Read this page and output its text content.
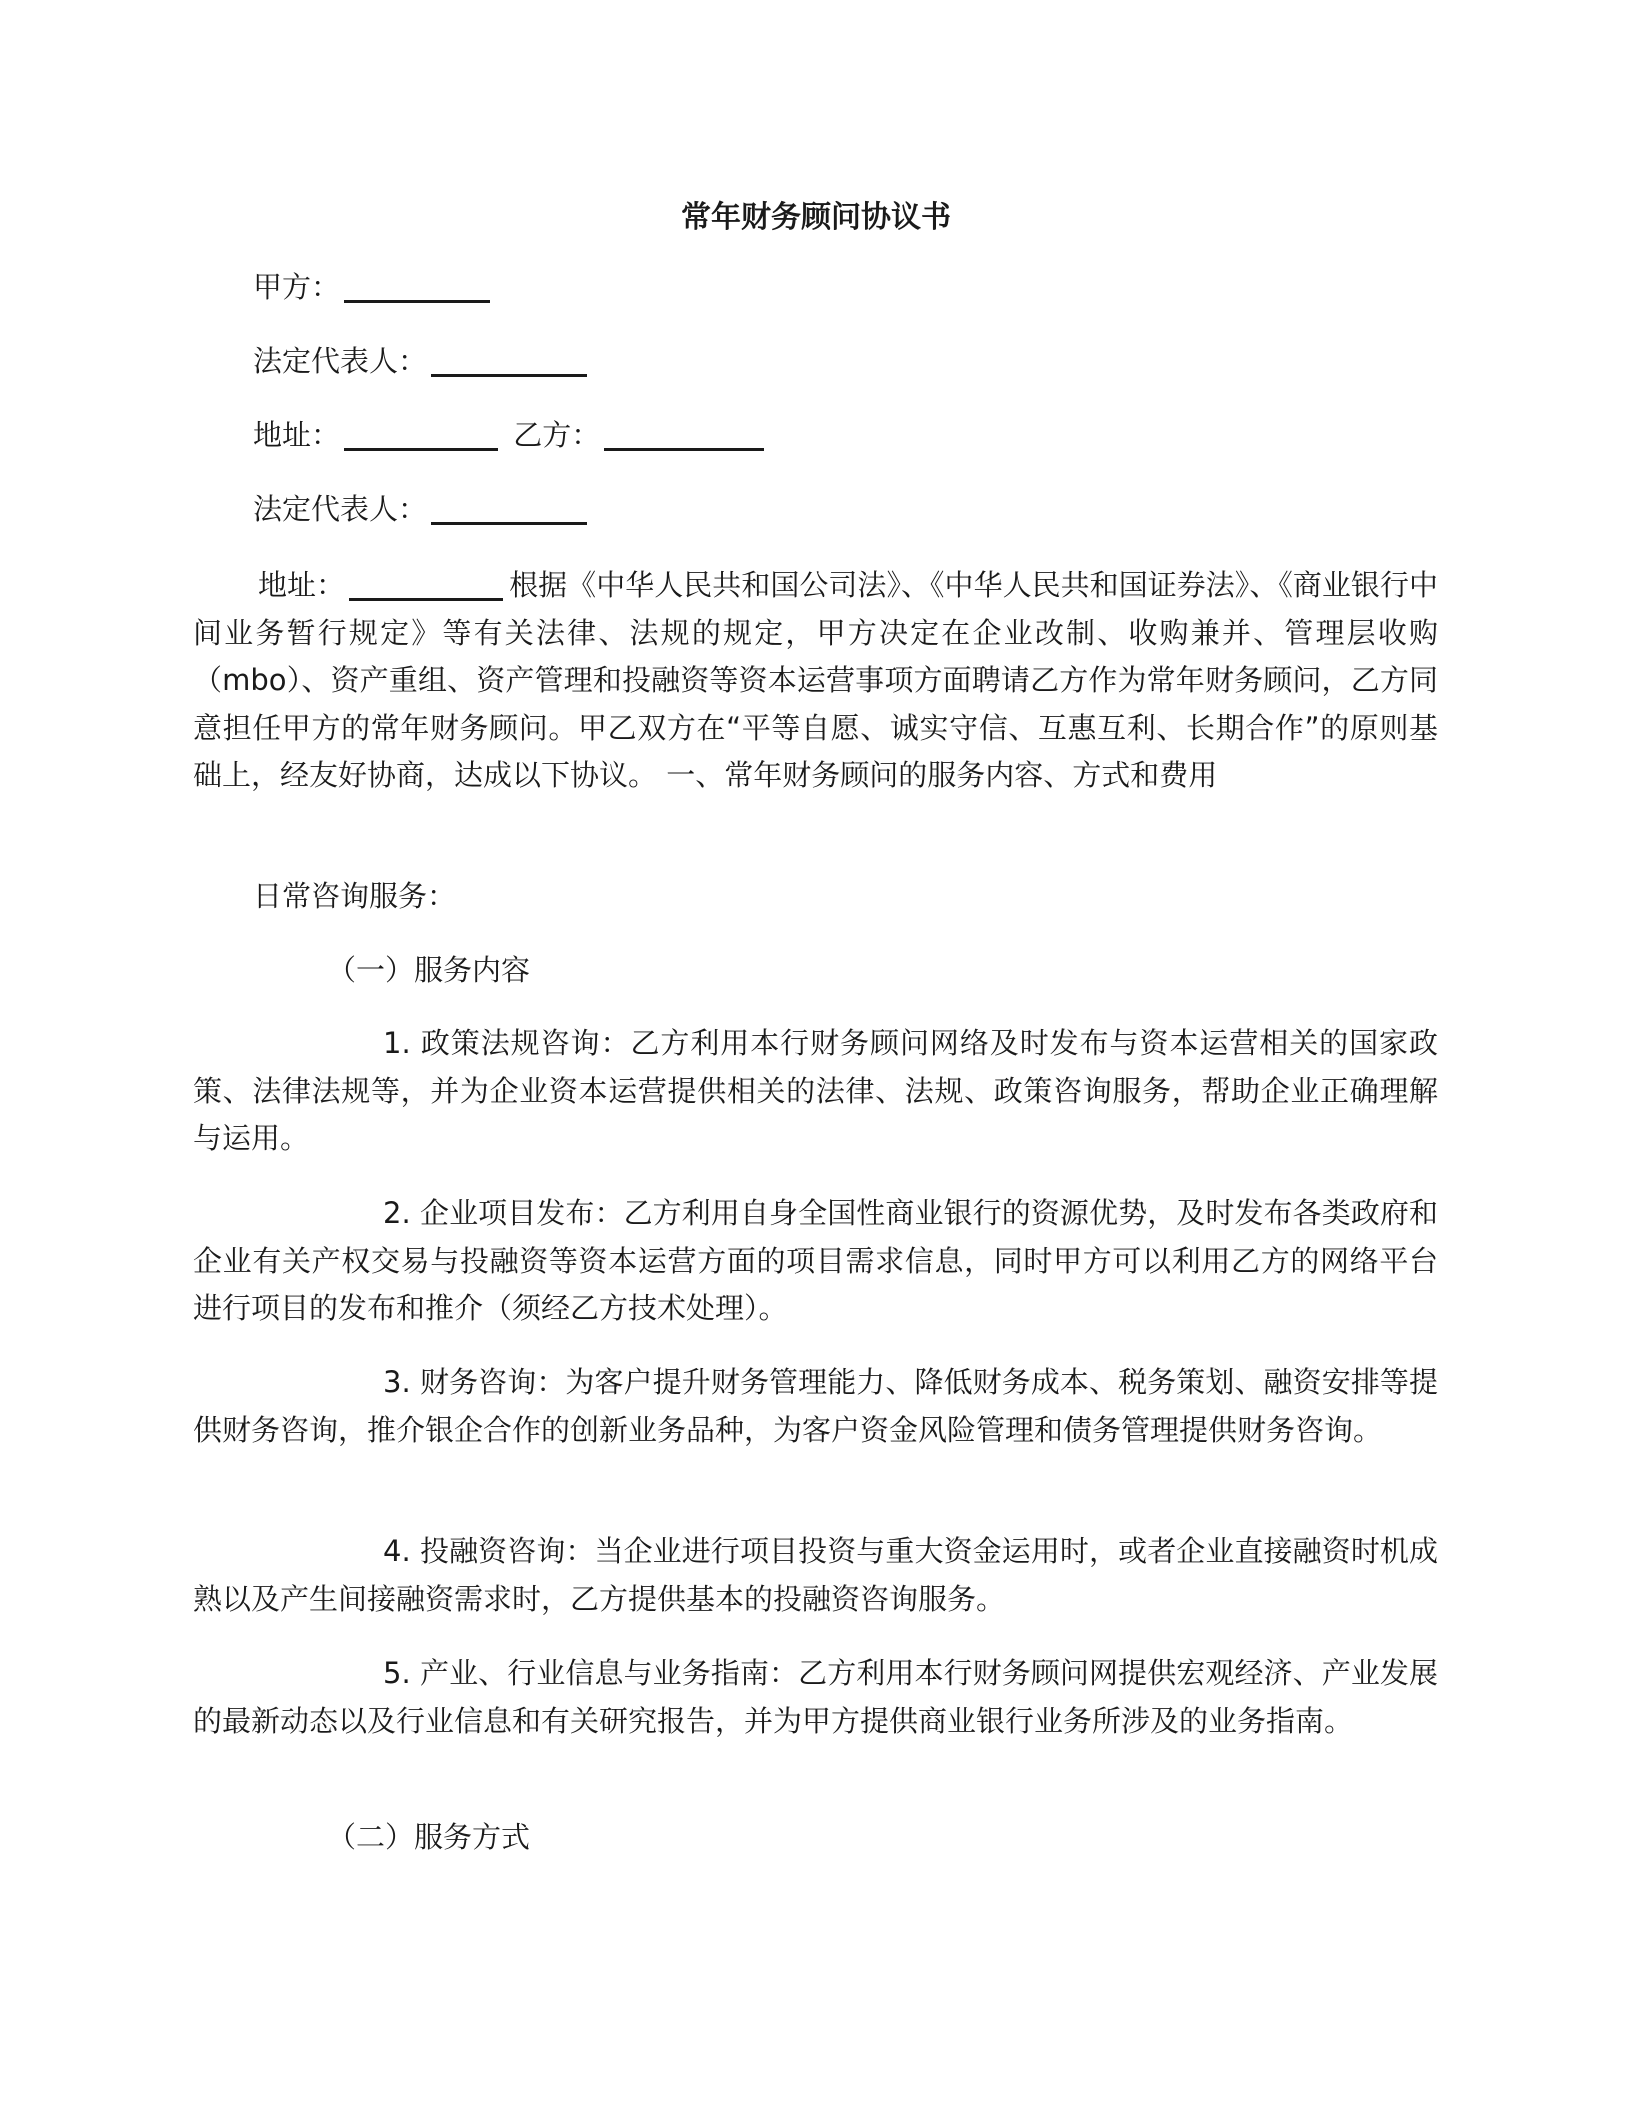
常年财务顾问协议书
甲方：
法定代表人：
地址：	乙方：
法定代表人：
地址：	根据《中华人民共和国公司法》、《中华人民共和国证券法》、《商业银行中间业务暂行规定》等有关法律、法规的规定，甲方决定在企业改制、收购兼并、管理层收购（mbo）、资产重组、资产管理和投融资等资本运营事项方面聘请乙方作为常年财务顾问，乙方同意担任甲方的常年财务顾问。甲乙双方在“平等自愿、诚实守信、互惠互利、长期合作”的原则基础上，经友好协商，达成以下协议。 一、常年财务顾问的服务内容、方式和费用
日常咨询服务：
（一）服务内容
1. 政策法规咨询：乙方利用本行财务顾问网络及时发布与资本运营相关的国家政策、法律法规等，并为企业资本运营提供相关的法律、法规、政策咨询服务，帮助企业正确理解与运用。
2. 企业项目发布：乙方利用自身全国性商业银行的资源优势，及时发布各类政府和企业有关产权交易与投融资等资本运营方面的项目需求信息，同时甲方可以利用乙方的网络平台进行项目的发布和推介（须经乙方技术处理）。
3. 财务咨询：为客户提升财务管理能力、降低财务成本、税务策划、融资安排等提供财务咨询，推介银企合作的创新业务品种，为客户资金风险管理和债务管理提供财务咨询。
4. 投融资咨询：当企业进行项目投资与重大资金运用时，或者企业直接融资时机成熟以及产生间接融资需求时，乙方提供基本的投融资咨询服务。
5. 产业、行业信息与业务指南：乙方利用本行财务顾问网提供宏观经济、产业发展的最新动态以及行业信息和有关研究报告，并为甲方提供商业银行业务所涉及的业务指南。
（二）服务方式
